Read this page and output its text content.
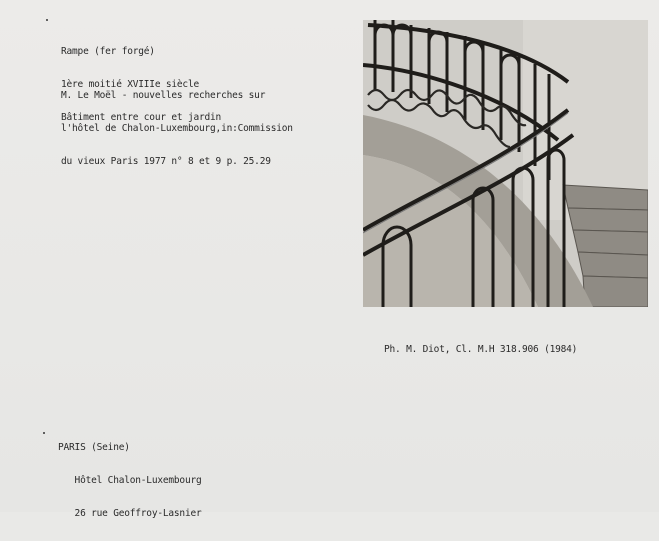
Rampe (fer forgé)

1ère moitié XVIIIe siècle

Bâtiment entre cour et jardin

M. Le Moël - nouvelles recherches sur

l'hôtel de Chalon-Luxembourg,in:Commission

du vieux Paris 1977 n° 8 et 9 p. 25.29

Ph. M. Diot, Cl. M.H 318.906 (1984)

PARIS (Seine)

Hôtel Chalon-Luxembourg

26 rue Geoffroy-Lasnier
